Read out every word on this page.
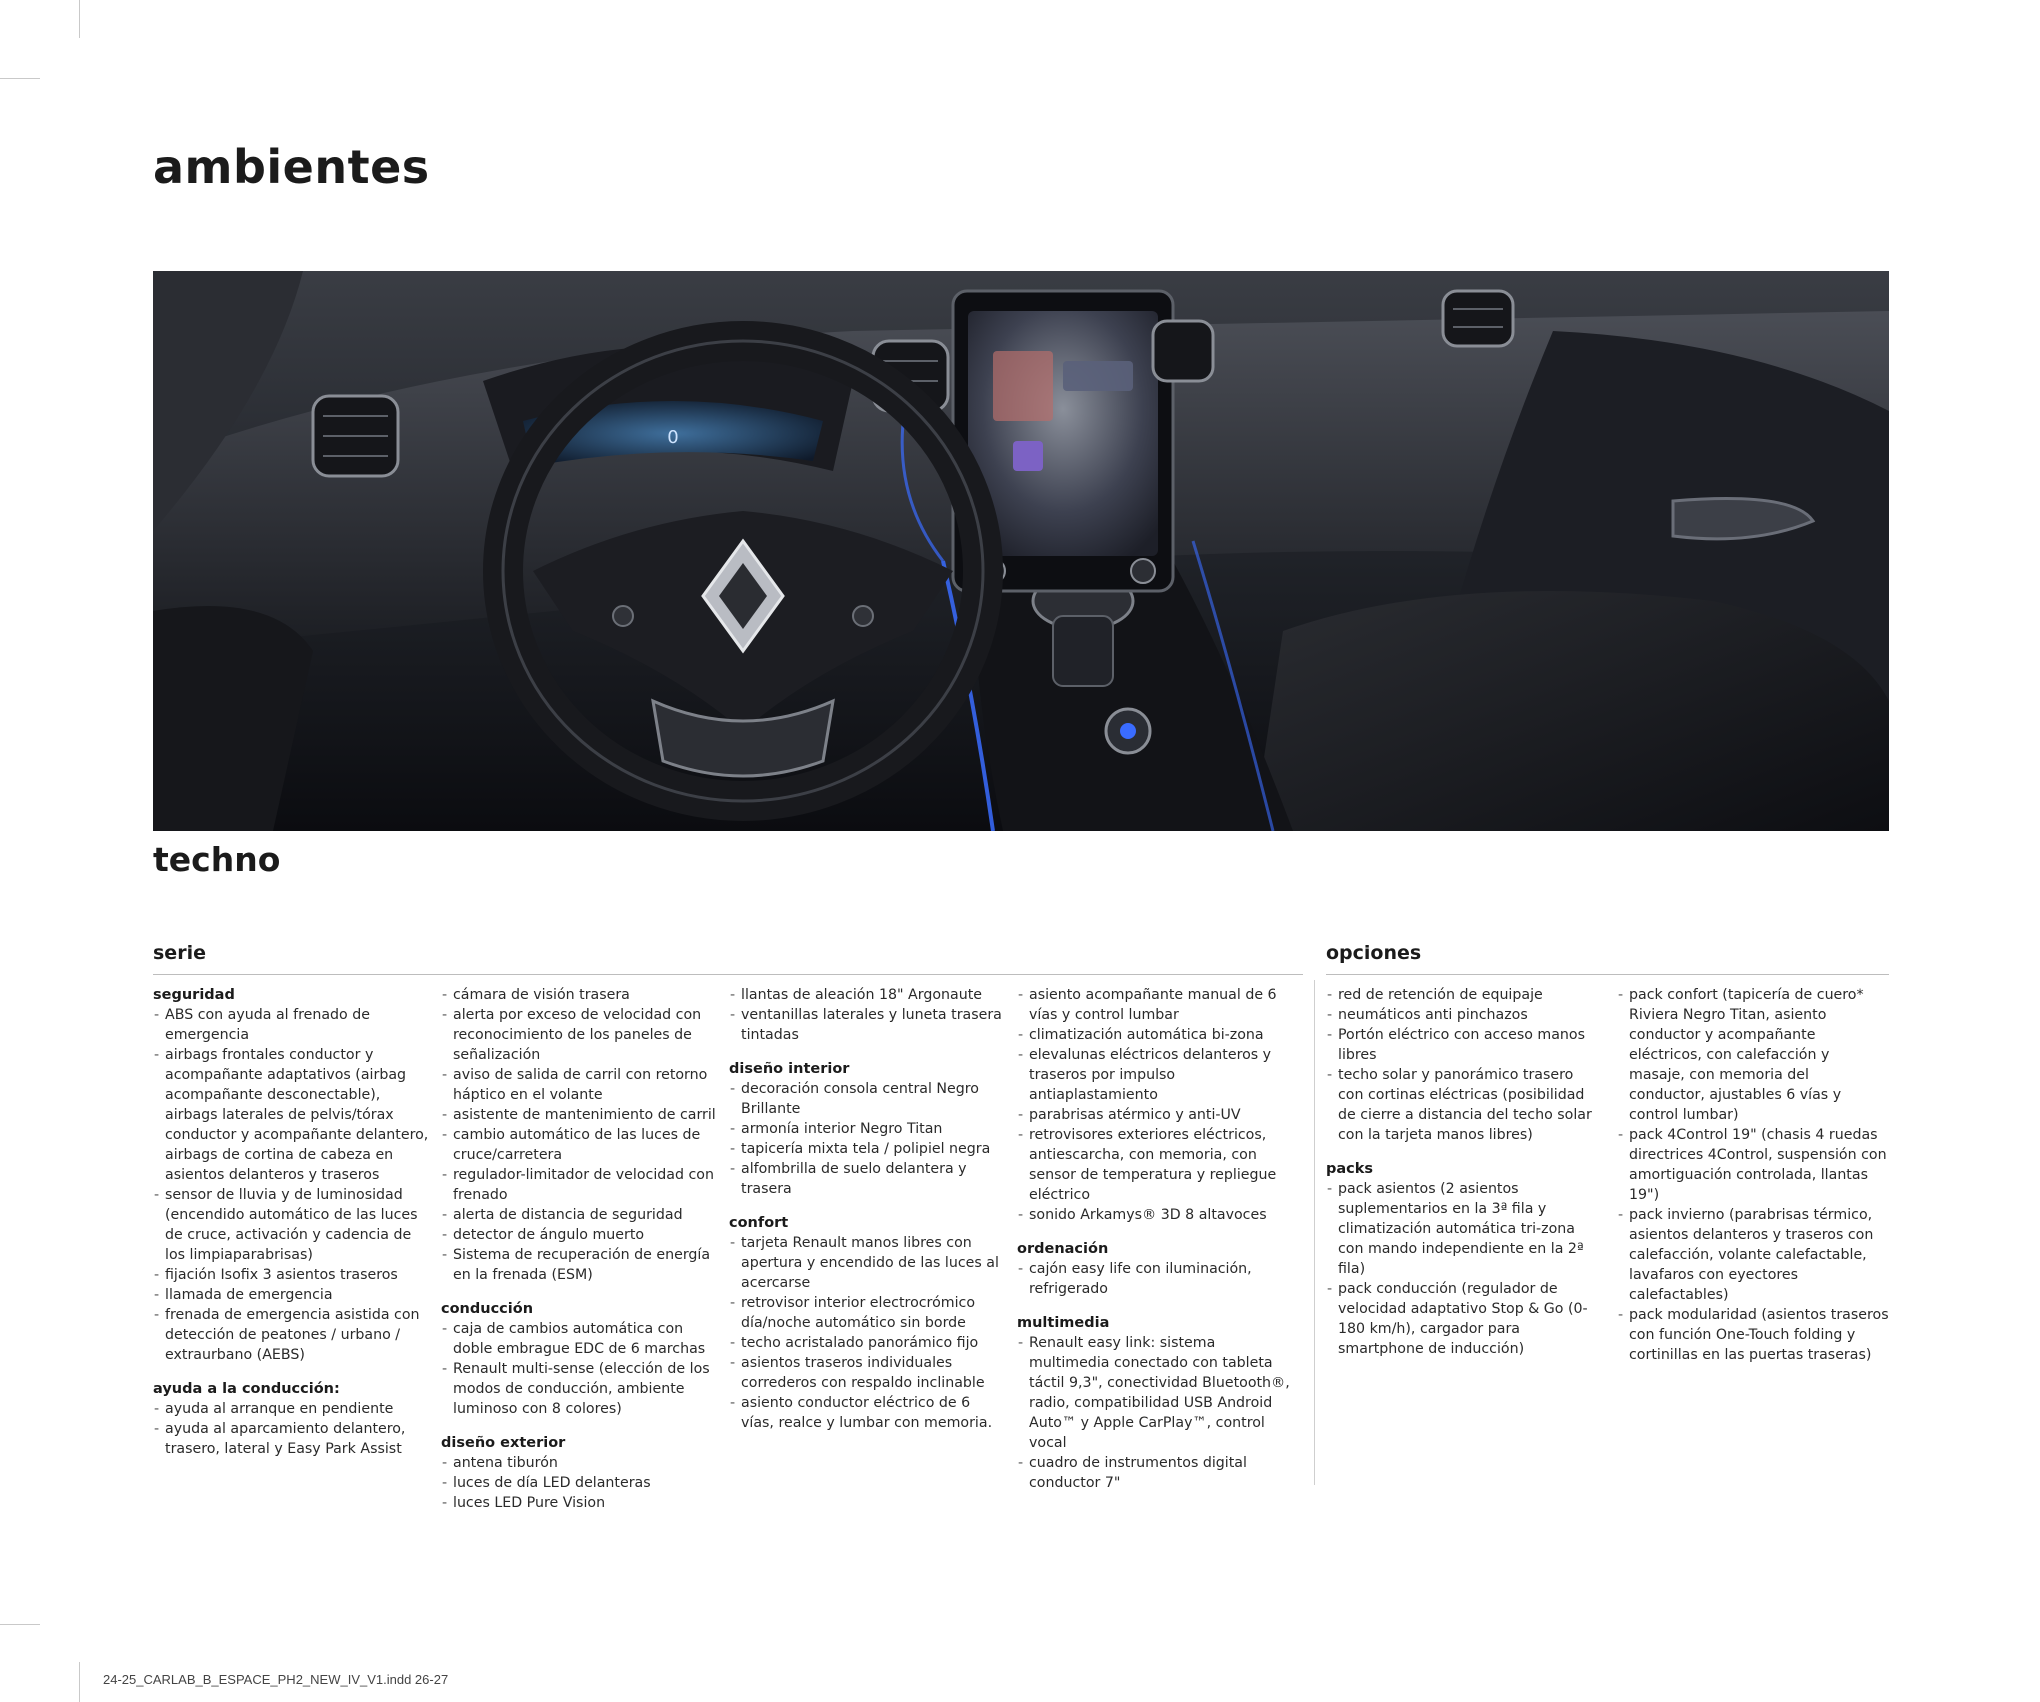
ambientes
0
techno
serie	opciones
seguridad
- ABS con ayuda al frenado de emergencia
- airbags frontales conductor y acompañante adaptativos (airbag acompañante desconectable), airbags laterales de pelvis/tórax conductor y acompañante delantero, airbags de cortina de cabeza en asientos delanteros y traseros
- sensor de lluvia y de luminosidad (encendido automático de las luces de cruce, activación y cadencia de los limpiaparabrisas)
- fijación Isofix 3 asientos traseros
- llamada de emergencia
- frenada de emergencia asistida con detección de peatones / urbano / extraurbano (AEBS)
ayuda a la conducción:
- ayuda al arranque en pendiente
- ayuda al aparcamiento delantero, trasero, lateral y Easy Park Assist
- cámara de visión trasera
- alerta por exceso de velocidad con reconocimiento de los paneles de señalización
- aviso de salida de carril con retorno háptico en el volante
- asistente de mantenimiento de carril
- cambio automático de las luces de cruce/carretera
- regulador-limitador de velocidad con frenado
- alerta de distancia de seguridad
- detector de ángulo muerto
- Sistema de recuperación de energía en la frenada (ESM)
conducción
- caja de cambios automática con doble embrague EDC de 6 marchas
- Renault multi-sense (elección de los modos de conducción, ambiente luminoso con 8 colores)
diseño exterior
- antena tiburón
- luces de día LED delanteras
- luces LED Pure Vision
- llantas de aleación 18" Argonaute
- ventanillas laterales y luneta trasera tintadas
diseño interior
- decoración consola central Negro Brillante
- armonía interior Negro Titan
- tapicería mixta tela / polipiel negra
- alfombrilla de suelo delantera y trasera
confort
- tarjeta Renault manos libres con apertura y encendido de las luces al acercarse
- retrovisor interior electrocrómico día/noche automático sin borde
- techo acristalado panorámico fijo
- asientos traseros individuales correderos con respaldo inclinable
- asiento conductor eléctrico de 6 vías, realce y lumbar con memoria.
- asiento acompañante manual de 6 vías y control lumbar
- climatización automática bi-zona
- elevalunas eléctricos delanteros y traseros por impulso antiaplastamiento
- parabrisas atérmico y anti-UV
- retrovisores exteriores eléctricos, antiescarcha, con memoria, con sensor de temperatura y repliegue eléctrico
- sonido Arkamys® 3D 8 altavoces
ordenación
- cajón easy life con iluminación, refrigerado
multimedia
- Renault easy link: sistema multimedia conectado con tableta táctil 9,3", conectividad Bluetooth®, radio, compatibilidad USB Android Auto™ y Apple CarPlay™, control vocal
- cuadro de instrumentos digital conductor 7"
- red de retención de equipaje
- neumáticos anti pinchazos
- Portón eléctrico con acceso manos libres
- techo solar y panorámico trasero con cortinas eléctricas (posibilidad de cierre a distancia del techo solar con la tarjeta manos libres)
packs
- pack asientos (2 asientos suplementarios en la 3ª fila y climatización automática tri-zona con mando independiente en la 2ª fila)
- pack conducción (regulador de velocidad adaptativo Stop & Go (0-180 km/h), cargador para smartphone de inducción)
- pack confort (tapicería de cuero* Riviera Negro Titan, asiento conductor y acompañante eléctricos, con calefacción y masaje, con memoria del conductor, ajustables 6 vías y control lumbar)
- pack 4Control 19" (chasis 4 ruedas directrices 4Control, suspensión con amortiguación controlada, llantas 19")
- pack invierno (parabrisas térmico, asientos delanteros y traseros con calefacción, volante calefactable, lavafaros con eyectores calefactables)
- pack modularidad (asientos traseros con función One-Touch folding y cortinillas en las puertas traseras)
24-25_CARLAB_B_ESPACE_PH2_NEW_IV_V1.indd 26-27
